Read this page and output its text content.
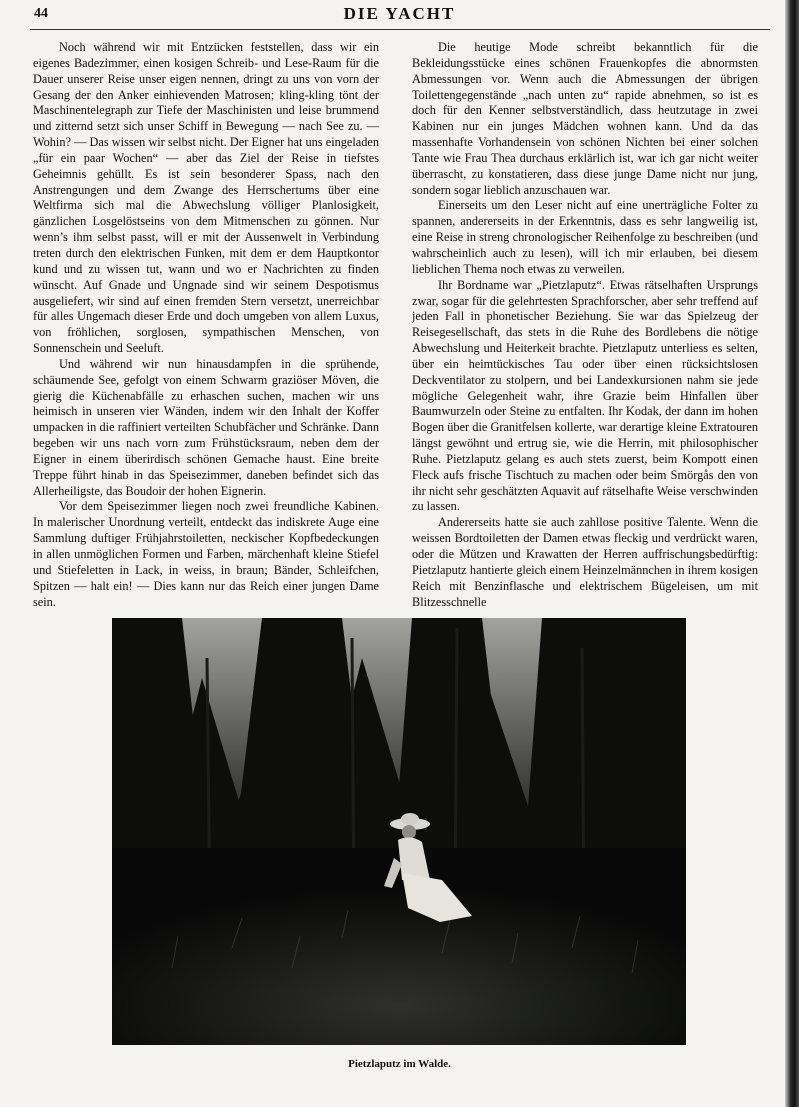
44	DIE YACHT

Noch während wir mit Entzücken feststellen, dass wir ein eigenes Badezimmer, einen kosigen Schreib- und Lese-Raum für die Dauer unserer Reise unser eigen nennen, dringt zu uns von vorn der Gesang der den Anker einhievenden Matrosen; kling-kling tönt der Maschinentelegraph zur Tiefe der Maschinisten und leise brummend und zitternd setzt sich unser Schiff in Bewegung — nach See zu. — Wohin? — Das wissen wir selbst nicht. Der Eigner hat uns eingeladen „für ein paar Wochen“ — aber das Ziel der Reise in tiefstes Geheimnis gehüllt. Es ist sein besonderer Spass, nach den Anstrengungen und dem Zwange des Herrschertums über eine Weltfirma sich mal die Abwechslung völliger Planlosigkeit, gänzlichen Losgelöstseins von dem Mitmenschen zu gönnen. Nur wenn’s ihm selbst passt, will er mit der Aussenwelt in Verbindung treten durch den elektrischen Funken, mit dem er dem Hauptkontor kund und zu wissen tut, wann und wo er Nachrichten zu finden wünscht. Auf Gnade und Ungnade sind wir seinem Despotismus ausgeliefert, wir sind auf einen fremden Stern versetzt, unerreichbar für alles Ungemach dieser Erde und doch umgeben von allem Luxus, von fröhlichen, sorglosen, sympathischen Menschen, von Sonnenschein und Seeluft.

Und während wir nun hinausdampfen in die sprühende, schäumende See, gefolgt von einem Schwarm graziöser Möven, die gierig die Küchenabfälle zu erhaschen suchen, machen wir uns heimisch in unseren vier Wänden, indem wir den Inhalt der Koffer umpacken in die raffiniert verteilten Schubfächer und Schränke. Dann begeben wir uns nach vorn zum Frühstücksraum, neben dem der Eigner in einem überirdisch schönen Gemache haust. Eine breite Treppe führt hinab in das Speisezimmer, daneben befindet sich das Allerheiligste, das Boudoir der hohen Eignerin.

Vor dem Speisezimmer liegen noch zwei freundliche Kabinen. In malerischer Unordnung verteilt, entdeckt das indiskrete Auge eine Sammlung duftiger Frühjahrstoiletten, neckischer Kopfbedeckungen in allen unmöglichen Formen und Farben, märchenhaft kleine Stiefel und Stiefeletten in Lack, in weiss, in braun; Bänder, Schleifchen, Spitzen — halt ein! — Dies kann nur das Reich einer jungen Dame sein.

Die heutige Mode schreibt bekanntlich für die Bekleidungsstücke eines schönen Frauenkopfes die abnormsten Abmessungen vor. Wenn auch die Abmessungen der übrigen Toilettengegenstände „nach unten zu“ rapide abnehmen, so ist es doch für den Kenner selbstverständlich, dass heutzutage in zwei Kabinen nur ein junges Mädchen wohnen kann. Und da das massenhafte Vorhandensein von schönen Nichten bei einer solchen Tante wie Frau Thea durchaus erklärlich ist, war ich gar nicht weiter überrascht, zu konstatieren, dass diese junge Dame nicht nur jung, sondern sogar lieblich anzuschauen war.

Einerseits um den Leser nicht auf eine unerträgliche Folter zu spannen, andererseits in der Erkenntnis, dass es sehr langweilig ist, eine Reise in streng chronologischer Reihenfolge zu beschreiben (und wahrscheinlich auch zu lesen), will ich mir erlauben, bei diesem lieblichen Thema noch etwas zu verweilen.

Ihr Bordname war „Pietzlaputz“. Etwas rätselhaften Ursprungs zwar, sogar für die gelehrtesten Sprachforscher, aber sehr treffend auf jeden Fall in phonetischer Beziehung. Sie war das Spielzeug der Reisegesellschaft, das stets in die Ruhe des Bordlebens die nötige Abwechslung und Heiterkeit brachte. Pietzlaputz unterliess es selten, über ein heimtückisches Tau oder über einen rücksichtslosen Deckventilator zu stolpern, und bei Landexkursionen nahm sie jede mögliche Gelegenheit wahr, ihre Grazie beim Hinfallen über Baumwurzeln oder Steine zu entfalten. Ihr Kodak, der dann im hohen Bogen über die Granitfelsen kollerte, war derartige kleine Extratouren längst gewöhnt und ertrug sie, wie die Herrin, mit philosophischer Ruhe. Pietzlaputz gelang es auch stets zuerst, beim Kompott einen Fleck aufs frische Tischtuch zu machen oder beim Smörgås den von ihr nicht sehr geschätzten Aquavit auf rätselhafte Weise verschwinden zu lassen.

Andererseits hatte sie auch zahllose positive Talente. Wenn die weissen Bordtoiletten der Damen etwas fleckig und verdrückt waren, oder die Mützen und Krawatten der Herren auffrischungsbedürftig: Pietzlaputz hantierte gleich einem Heinzelmännchen in ihrem kosigen Reich mit Benzinflasche und elektrischem Bügeleisen, um mit Blitzesschnelle

Pietzlaputz im Walde.
